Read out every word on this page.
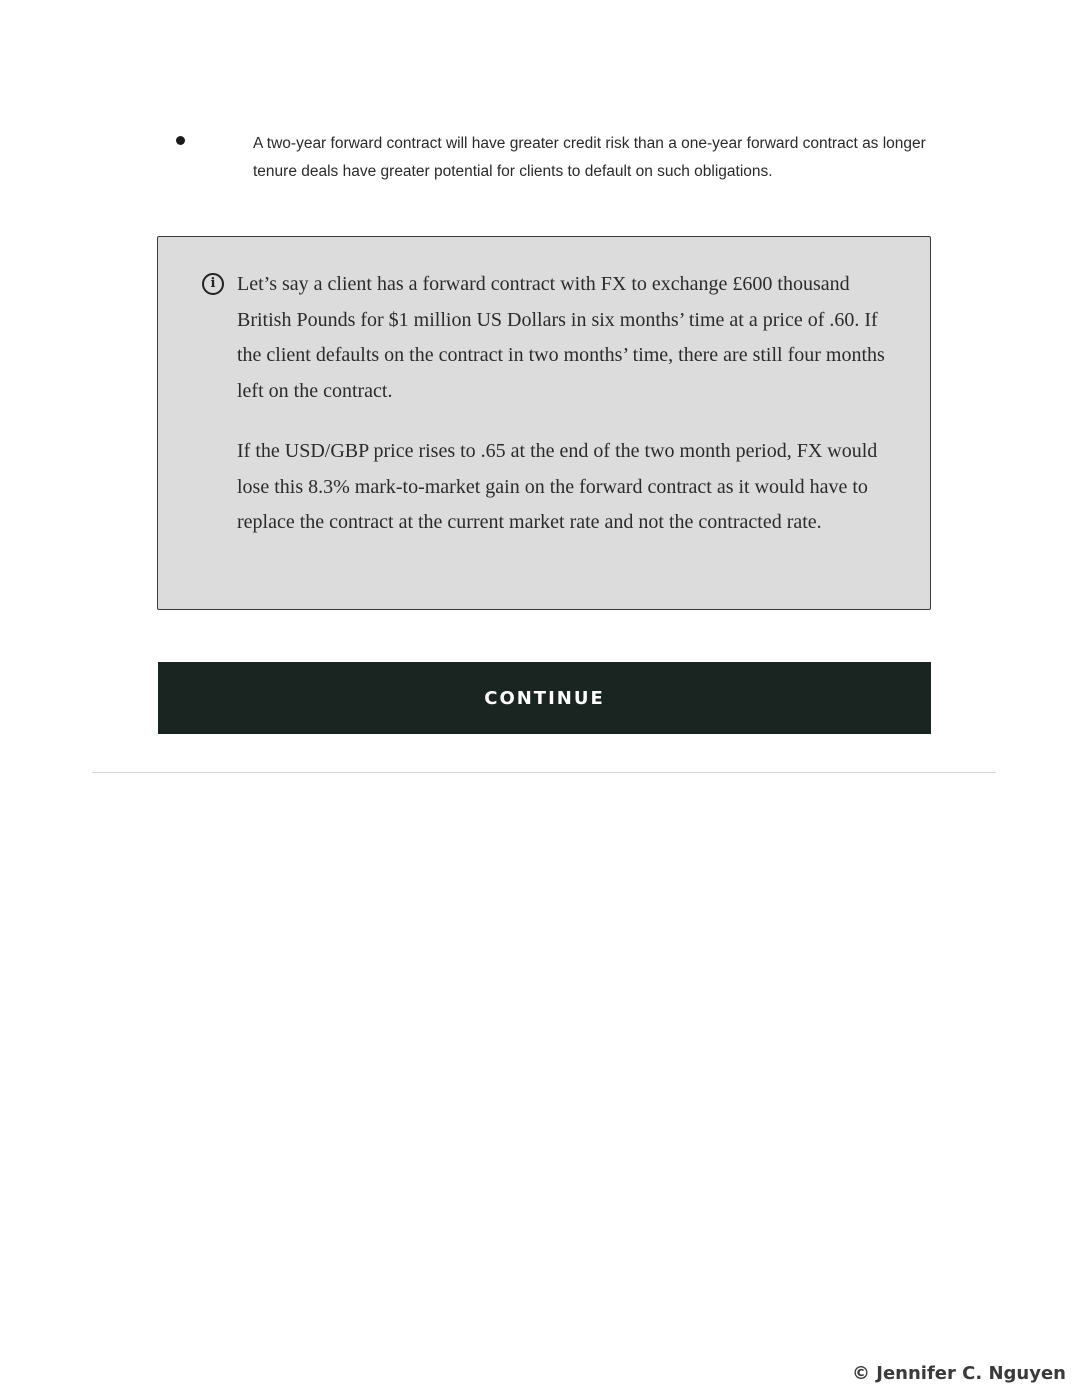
A two-year forward contract will have greater credit risk than a one-year forward contract as longer tenure deals have greater potential for clients to default on such obligations.

i	Let’s say a client has a forward contract with FX to exchange £600 thousand British Pounds for $1 million US Dollars in six months’ time at a price of .60. If the client defaults on the contract in two months’ time, there are still four months left on the contract.

If the USD/GBP price rises to .65 at the end of the two month period, FX would lose this 8.3% mark-to-market gain on the forward contract as it would have to replace the contract at the current market rate and not the contracted rate.

CONTINUE
© Jennifer C. Nguyen
